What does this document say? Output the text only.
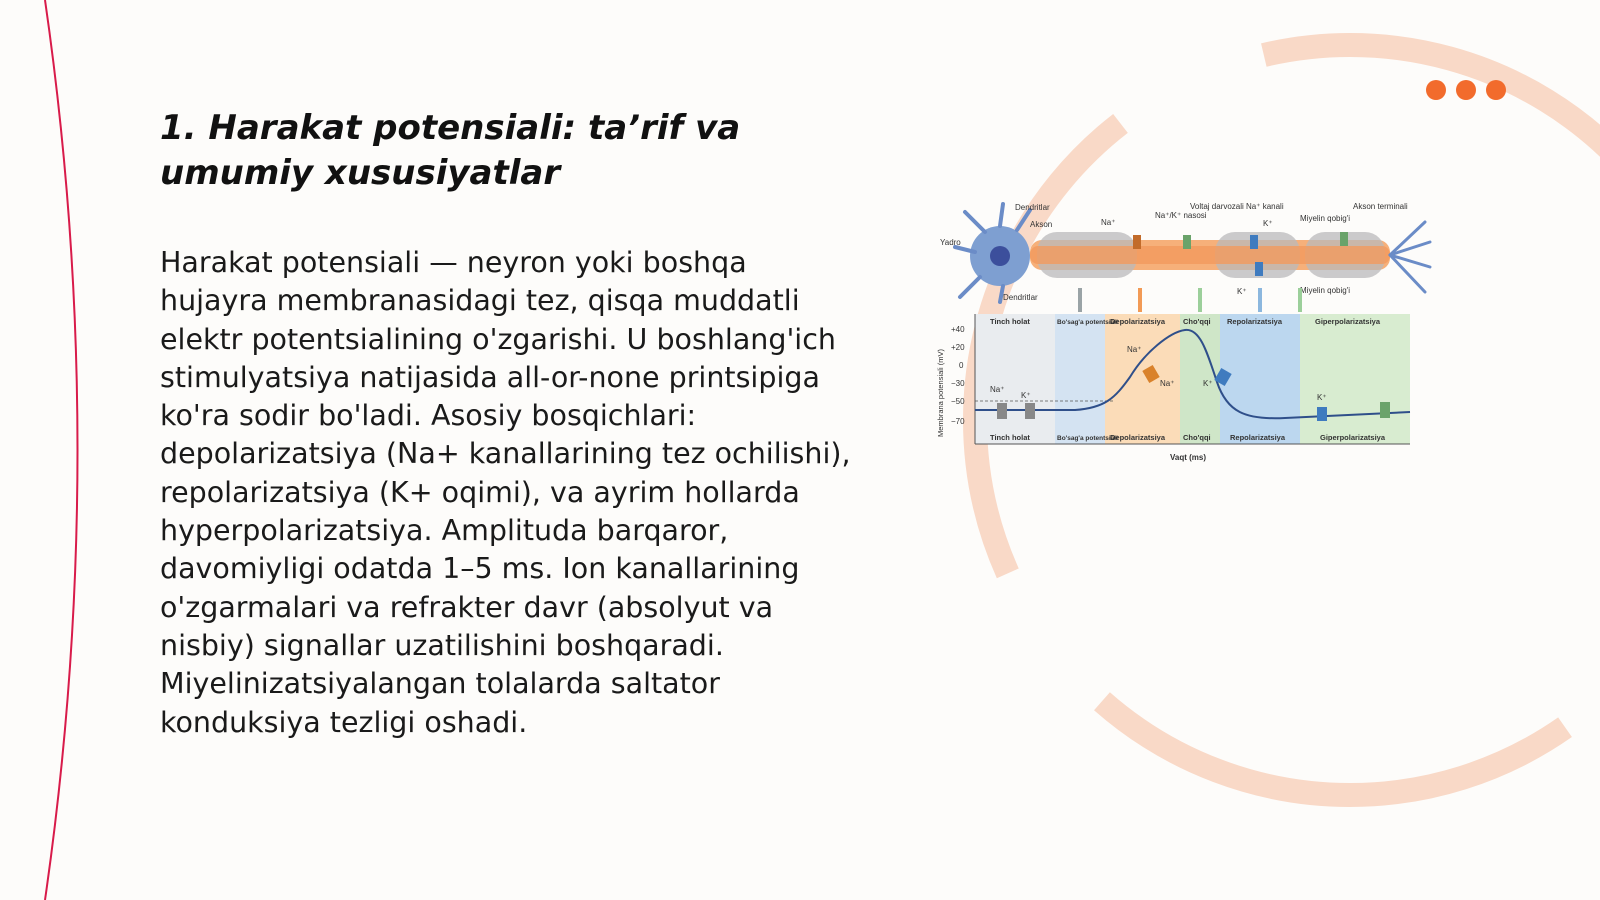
1. Harakat potensiali: ta’rif va umumiy xususiyatlar

Harakat potensiali — neyron yoki boshqa hujayra membranasidagi tez, qisqa muddatli elektr potentsialining o'zgarishi. U boshlang'ich stimulyatsiya natijasida all-or-none printsipiga ko'ra sodir bo'ladi. Asosiy bosqichlari: depolarizatsiya (Na+ kanallarining tez ochilishi), repolarizatsiya (K+ oqimi), va ayrim hollarda hyperpolarizatsiya. Amplituda barqaror, davomiyligi odatda 1–5 ms. Ion kanallarining o'zgarmalari va refrakter davr (absolyut va nisbiy) signallar uzatilishini boshqaradi. Miyelinizatsiyalangan tolalarda saltator konduksiya tezligi oshadi.

Dendritlar
Akson
Yadro
Dendritlar
Na⁺
Na⁺/K⁺ nasosi
Voltaj darvozali Na⁺ kanali
K⁺
K⁺
Miyelin qobig'i
Miyelin qobig'i
Akson terminali
+40
+20
0
−30
−50
−70
Membrana potensiali (mV)
Vaqt (ms)
Tinch holat	Bo'sag'a potentsiali
Depolarizatsiya Cho'qqi Repolarizatsiya	Giperpolarizatsiya
Tinch holat	Bo'sag'a potentsiali
Depolarizatsiya Cho'qqi	Repolarizatsiya	Giperpolarizatsiya
Na⁺
K⁺
Na⁺
Na⁺	K⁺
K⁺
